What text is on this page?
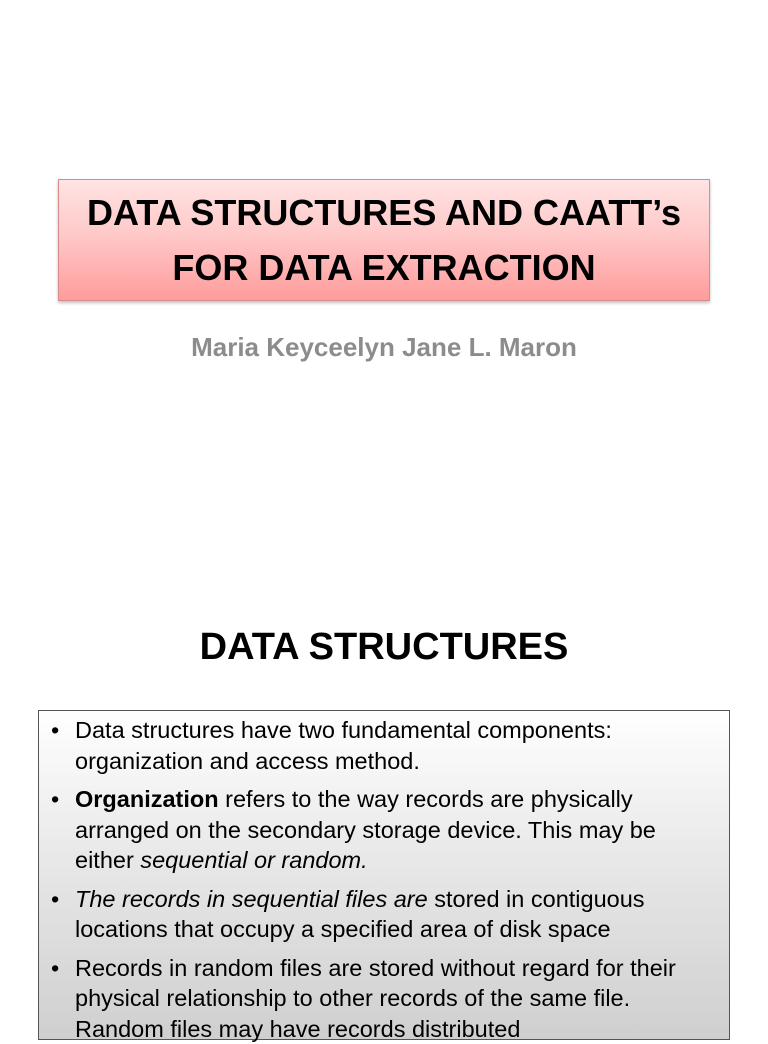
DATA STRUCTURES AND CAATT’s
FOR DATA EXTRACTION

Maria Keyceelyn Jane L. Maron

DATA STRUCTURES
• Data structures have two fundamental components: organization and access method.
• Organization refers to the way records are physically arranged on the secondary storage device. This may be either sequential or random.
• The records in sequential files are stored in contiguous locations that occupy a specified area of disk space
• Records in random files are stored without regard for their physical relationship to other records of the same file. Random files may have records distributed
